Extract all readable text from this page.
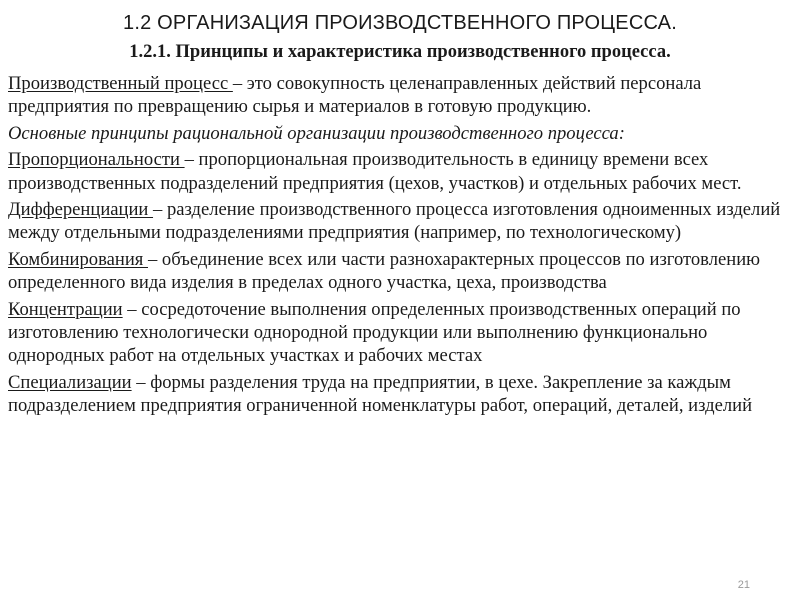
1.2 ОРГАНИЗАЦИЯ ПРОИЗВОДСТВЕННОГО ПРОЦЕССА.
1.2.1. Принципы и характеристика производственного процесса.

Производственный процесс – это совокупность целенаправленных действий персонала предприятия по превращению сырья и материалов в готовую продукцию.

Основные принципы рациональной организации производственного процесса:

Пропорциональности – пропорциональная производительность в единицу времени всех производственных подразделений предприятия (цехов, участков) и отдельных рабочих мест.

Дифференциации – разделение производственного процесса изготовления одноименных изделий между отдельными подразделениями предприятия (например, по технологическому)

Комбинирования – объединение всех или части разнохарактерных процессов по изготовлению определенного вида изделия в пределах одного участка, цеха, производства

Концентрации – сосредоточение выполнения определенных производственных операций по изготовлению технологически однородной продукции или выполнению функционально однородных работ на отдельных участках и рабочих местах

Специализации – формы разделения труда на предприятии, в цехе. Закрепление за каждым подразделением предприятия ограниченной номенклатуры работ, операций, деталей, изделий

21
